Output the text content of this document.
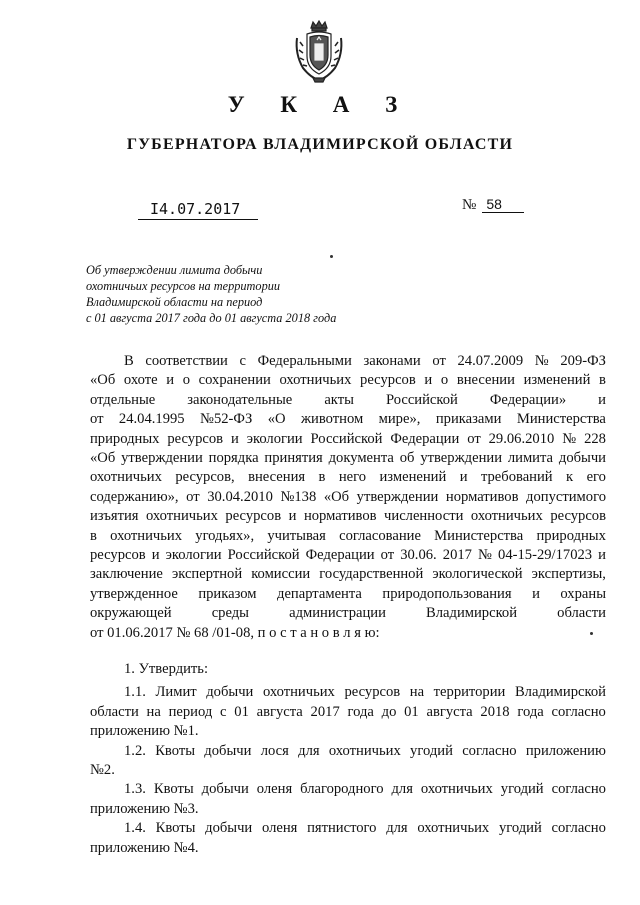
У К А З
ГУБЕРНАТОРА ВЛАДИМИРСКОЙ ОБЛАСТИ
I4.07.2017	№ 58
Об утверждении лимита добычи
охотничьих ресурсов на территории
Владимирской области на период
с 01 августа 2017 года до 01 августа 2018 года
В соответствии с Федеральными законами от 24.07.2009 № 209-ФЗ
«Об охоте и о сохранении охотничьих ресурсов и о внесении изменений в
отдельные законодательные акты Российской Федерации» и
от 24.04.1995 №52-ФЗ «О животном мире», приказами Министерства
природных ресурсов и экологии Российской Федерации от 29.06.2010 № 228
«Об утверждении порядка принятия документа об утверждении лимита добычи
охотничьих ресурсов, внесения в него изменений и требований к его
содержанию», от 30.04.2010 №138 «Об утверждении нормативов допустимого
изъятия охотничьих ресурсов и нормативов численности охотничьих ресурсов
в охотничьих угодьях», учитывая согласование Министерства природных
ресурсов и экологии Российской Федерации от 30.06. 2017 № 04-15-29/17023 и
заключение экспертной комиссии государственной экологической экспертизы,
утвержденное приказом департамента природопользования и охраны
окружающей	среды	администрации	Владимирской	области
от 01.06.2017 № 68 /01-08, п о с т а н о в л я ю:
1. Утвердить:
1.1. Лимит добычи охотничьих ресурсов на территории Владимирской
области на период с 01 августа 2017 года до 01 августа 2018 года согласно
приложению №1.
1.2. Квоты добычи лося для охотничьих угодий согласно приложению
№2.
1.3. Квоты добычи оленя благородного для охотничьих угодий согласно
приложению №3.
1.4. Квоты добычи оленя пятнистого для охотничьих угодий согласно
приложению №4.
